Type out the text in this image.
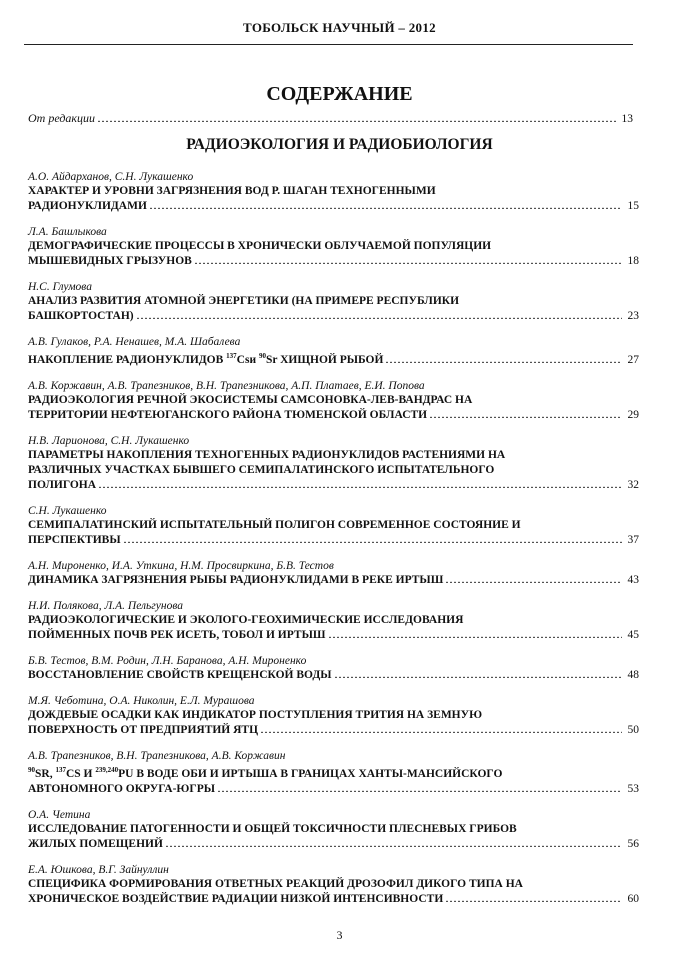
ТОБОЛЬСК НАУЧНЫЙ – 2012
СОДЕРЖАНИЕ
От редакции	13
РАДИОЭКОЛОГИЯ И РАДИОБИОЛОГИЯ
А.О. Айдарханов, С.Н. Лукашенко
ХАРАКТЕР И УРОВНИ ЗАГРЯЗНЕНИЯ ВОД Р. ШАГАН ТЕХНОГЕННЫМИ
РАДИОНУКЛИДАМИ	15
Л.А. Башлыкова
ДЕМОГРАФИЧЕСКИЕ ПРОЦЕССЫ В ХРОНИЧЕСКИ ОБЛУЧАЕМОЙ ПОПУЛЯЦИИ
МЫШЕВИДНЫХ ГРЫЗУНОВ	18
Н.С. Глумова
АНАЛИЗ РАЗВИТИЯ АТОМНОЙ ЭНЕРГЕТИКИ (НА ПРИМЕРЕ РЕСПУБЛИКИ
БАШКОРТОСТАН)	23
А.В. Гулаков, Р.А. Ненашев, М.А. Шабалева
НАКОПЛЕНИЕ РАДИОНУКЛИДОВ $^{137}$Csи $^{90}$Sr ХИЩНОЙ РЫБОЙ	27
А.В. Коржавин, А.В. Трапезников, В.Н. Трапезникова, А.П. Платаев, Е.И. Попова
РАДИОЭКОЛОГИЯ РЕЧНОЙ ЭКОСИСТЕМЫ САМСОНОВКА-ЛЕВ-ВАНДРАС НА
ТЕРРИТОРИИ НЕФТЕЮГАНСКОГО РАЙОНА ТЮМЕНСКОЙ ОБЛАСТИ	29
Н.В. Ларионова, С.Н. Лукашенко
ПАРАМЕТРЫ НАКОПЛЕНИЯ ТЕХНОГЕННЫХ РАДИОНУКЛИДОВ РАСТЕНИЯМИ НА
РАЗЛИЧНЫХ УЧАСТКАХ БЫВШЕГО СЕМИПАЛАТИНСКОГО ИСПЫТАТЕЛЬНОГО
ПОЛИГОНА	32
С.Н. Лукашенко
СЕМИПАЛАТИНСКИЙ ИСПЫТАТЕЛЬНЫЙ ПОЛИГОН СОВРЕМЕННОЕ СОСТОЯНИЕ И
ПЕРСПЕКТИВЫ	37
А.Н. Мироненко, И.А. Уткина, Н.М. Просвиркина, Б.В. Тестов
ДИНАМИКА ЗАГРЯЗНЕНИЯ РЫБЫ РАДИОНУКЛИДАМИ В РЕКЕ ИРТЫШ	43
Н.И. Полякова, Л.А. Пельгунова
РАДИОЭКОЛОГИЧЕСКИЕ И ЭКОЛОГО-ГЕОХИМИЧЕСКИЕ ИССЛЕДОВАНИЯ
ПОЙМЕННЫХ ПОЧВ РЕК ИСЕТЬ, ТОБОЛ И ИРТЫШ	45
Б.В. Тестов, В.М. Родин, Л.Н. Баранова, А.Н. Мироненко
ВОССТАНОВЛЕНИЕ СВОЙСТВ КРЕЩЕНСКОЙ ВОДЫ	48
М.Я. Чеботина, О.А. Николин, Е.Л. Мурашова
ДОЖДЕВЫЕ ОСАДКИ КАК ИНДИКАТОР ПОСТУПЛЕНИЯ ТРИТИЯ НА ЗЕМНУЮ
ПОВЕРХНОСТЬ ОТ ПРЕДПРИЯТИЙ ЯТЦ	50
А.В. Трапезников, В.Н. Трапезникова, А.В. Коржавин
$^{90}$SR, $^{137}$CS И $^{239,240}$PU В ВОДЕ ОБИ И ИРТЫША В ГРАНИЦАХ ХАНТЫ-МАНСИЙСКОГО
АВТОНОМНОГО ОКРУГА-ЮГРЫ	53
О.А. Четина
ИССЛЕДОВАНИЕ ПАТОГЕННОСТИ И ОБЩЕЙ ТОКСИЧНОСТИ ПЛЕСНЕВЫХ ГРИБОВ
ЖИЛЫХ ПОМЕЩЕНИЙ	56
Е.А. Юшкова, В.Г. Зайнуллин
СПЕЦИФИКА ФОРМИРОВАНИЯ ОТВЕТНЫХ РЕАКЦИЙ ДРОЗОФИЛ ДИКОГО ТИПА НА
ХРОНИЧЕСКОЕ ВОЗДЕЙСТВИЕ РАДИАЦИИ НИЗКОЙ ИНТЕНСИВНОСТИ	60
3
